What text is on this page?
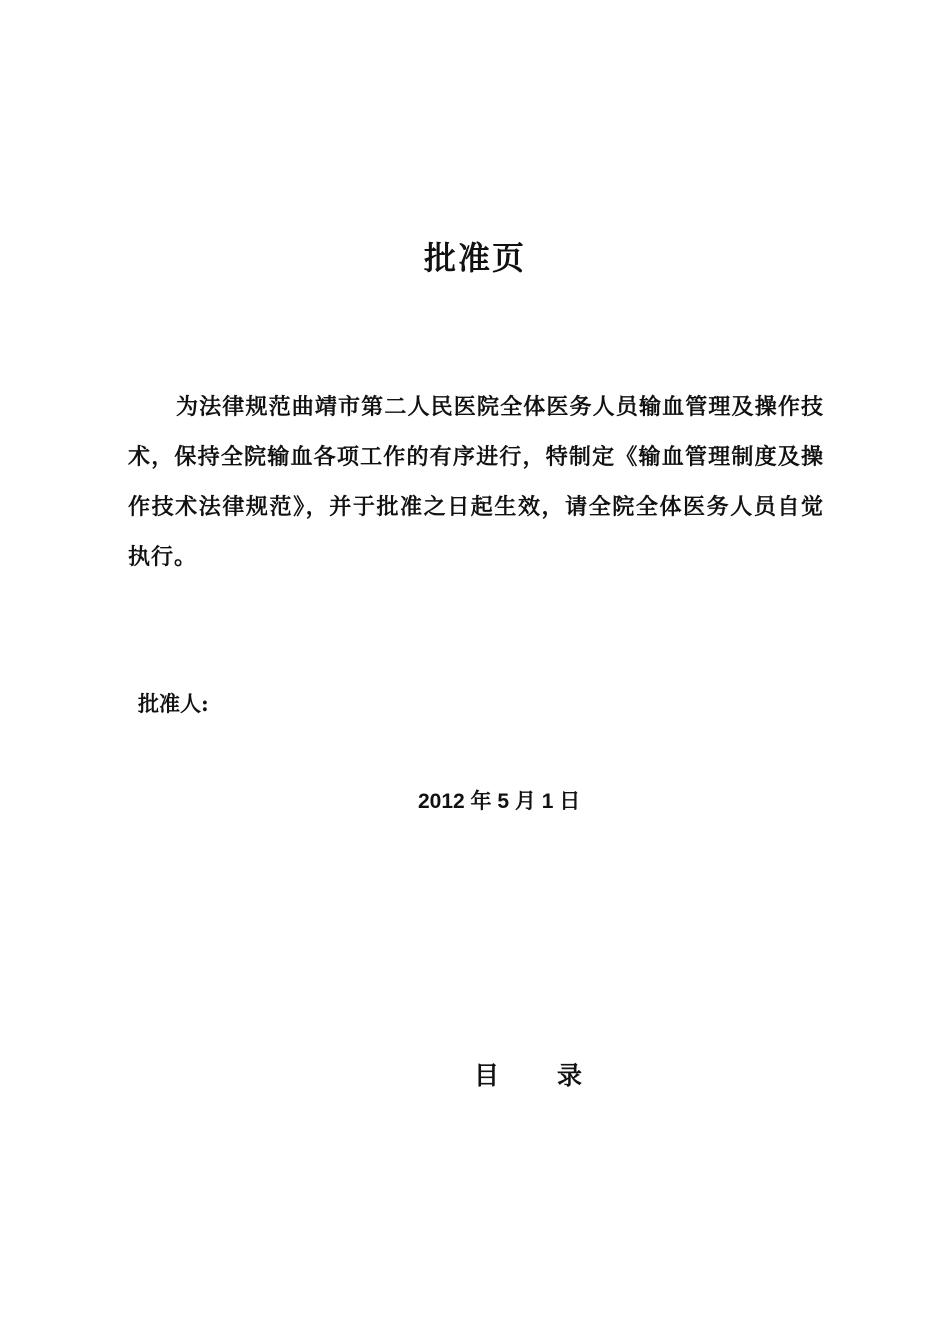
批准页

为法律规范曲靖市第二人民医院全体医务人员输血管理及操作技术，保持全院输血各项工作的有序进行，特制定《输血管理制度及操作技术法律规范》，并于批准之日起生效，请全院全体医务人员自觉执行。

批准人:
2012 年 5 月 1 日
目 录
